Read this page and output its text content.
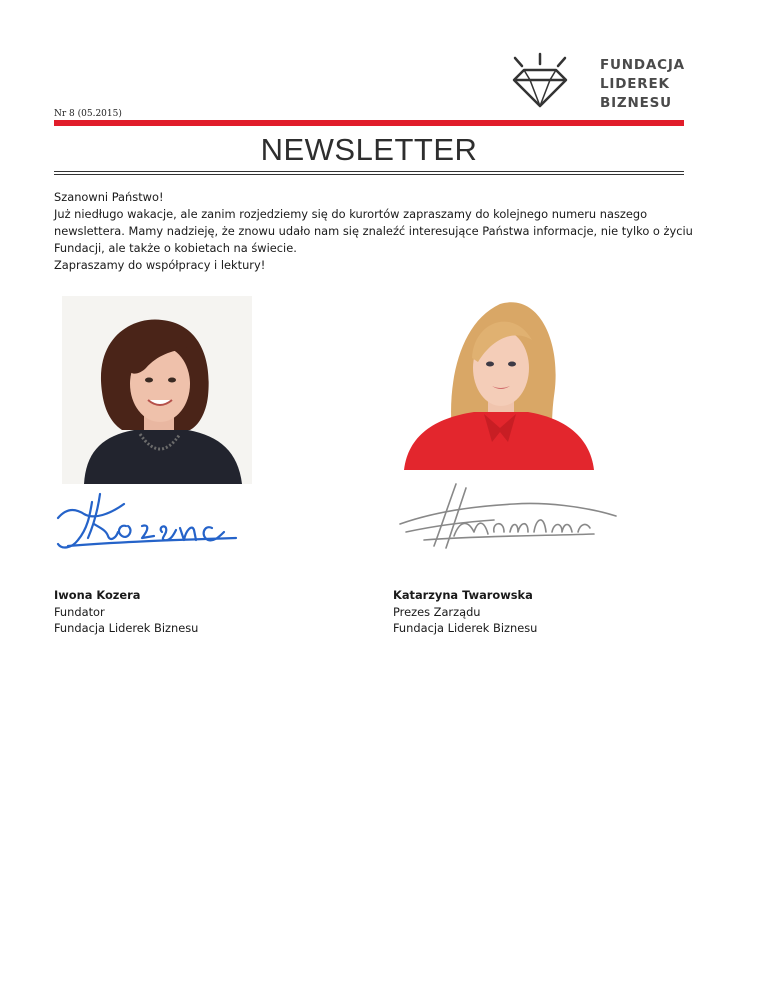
FUNDACJA
LIDEREK
BIZNESU
Nr 8 (05.2015)
NEWSLETTER

Szanowni Państwo!

Już niedługo wakacje, ale zanim rozjedziemy się do kurortów zapraszamy do kolejnego numeru naszego newslettera. Mamy nadzieję, że znowu udało nam się znaleźć interesujące Państwa informacje, nie tylko o życiu Fundacji, ale także o kobietach na świecie.

Zapraszamy do współpracy i lektury!

Iwona Kozera
Fundator
Fundacja Liderek Biznesu
Katarzyna Twarowska
Prezes Zarządu
Fundacja Liderek Biznesu
